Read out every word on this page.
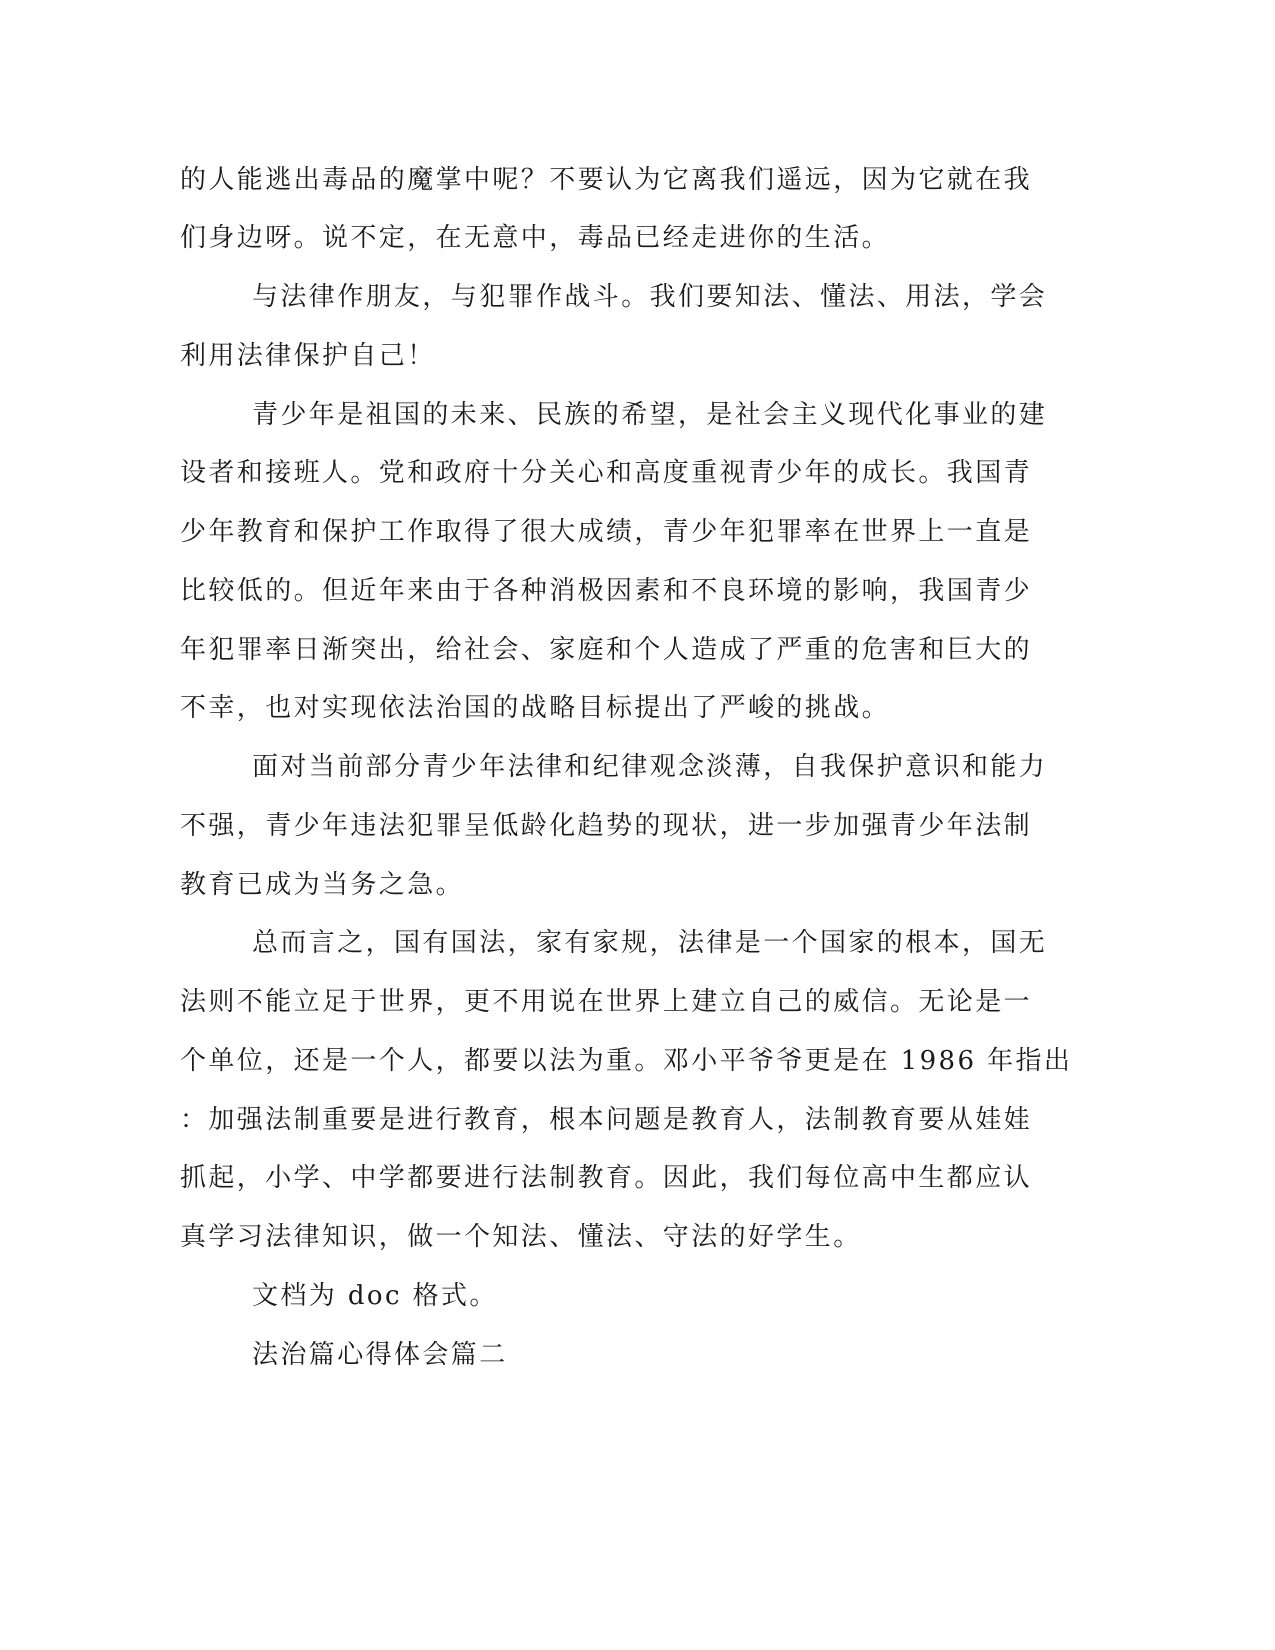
的人能逃出毒品的魔掌中呢？不要认为它离我们遥远，因为它就在我
们身边呀。说不定，在无意中，毒品已经走进你的生活。
与法律作朋友，与犯罪作战斗。我们要知法、懂法、用法，学会
利用法律保护自己！
青少年是祖国的未来、民族的希望，是社会主义现代化事业的建
设者和接班人。党和政府十分关心和高度重视青少年的成长。我国青
少年教育和保护工作取得了很大成绩，青少年犯罪率在世界上一直是
比较低的。但近年来由于各种消极因素和不良环境的影响，我国青少
年犯罪率日渐突出，给社会、家庭和个人造成了严重的危害和巨大的
不幸，也对实现依法治国的战略目标提出了严峻的挑战。
面对当前部分青少年法律和纪律观念淡薄，自我保护意识和能力
不强，青少年违法犯罪呈低龄化趋势的现状，进一步加强青少年法制
教育已成为当务之急。
总而言之，国有国法，家有家规，法律是一个国家的根本，国无
法则不能立足于世界，更不用说在世界上建立自己的威信。无论是一
个单位，还是一个人，都要以法为重。邓小平爷爷更是在 1986 年指出
：加强法制重要是进行教育，根本问题是教育人，法制教育要从娃娃
抓起，小学、中学都要进行法制教育。因此，我们每位高中生都应认
真学习法律知识，做一个知法、懂法、守法的好学生。
文档为 doc 格式。
法治篇心得体会篇二
